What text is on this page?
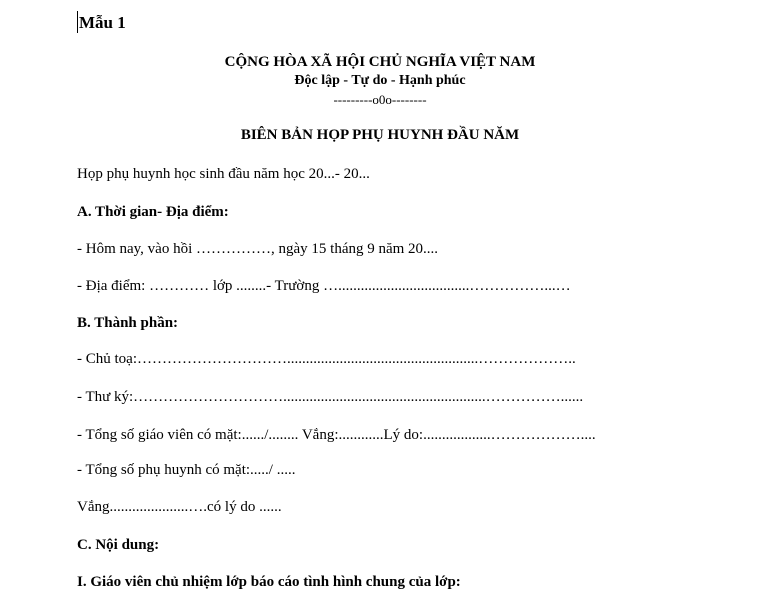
Mẫu 1
CỘNG HÒA XÃ HỘI CHỦ NGHĨA VIỆT NAM
Độc lập - Tự do - Hạnh phúc
---------o0o--------
BIÊN BẢN HỌP PHỤ HUYNH ĐẦU NĂM
Họp phụ huynh học sinh đầu năm học 20...- 20...
A. Thời gian- Địa điểm:
- Hôm nay, vào hồi ……………, ngày 15 tháng 9 năm 20....
- Địa điểm: ………… lớp ........- Trường …...................................……………...…
B. Thành phần:
- Chủ toạ:…………………………...................................................………………..
- Thư ký:…………………………......................................................……………......
- Tổng số giáo viên có mặt:....../........ Vắng:............Lý do:..................………………....
- Tổng số phụ huynh có mặt:...../ .....
Vắng.....................….có lý do ......
C. Nội dung:
I. Giáo viên chủ nhiệm lớp báo cáo tình hình chung của lớp:
